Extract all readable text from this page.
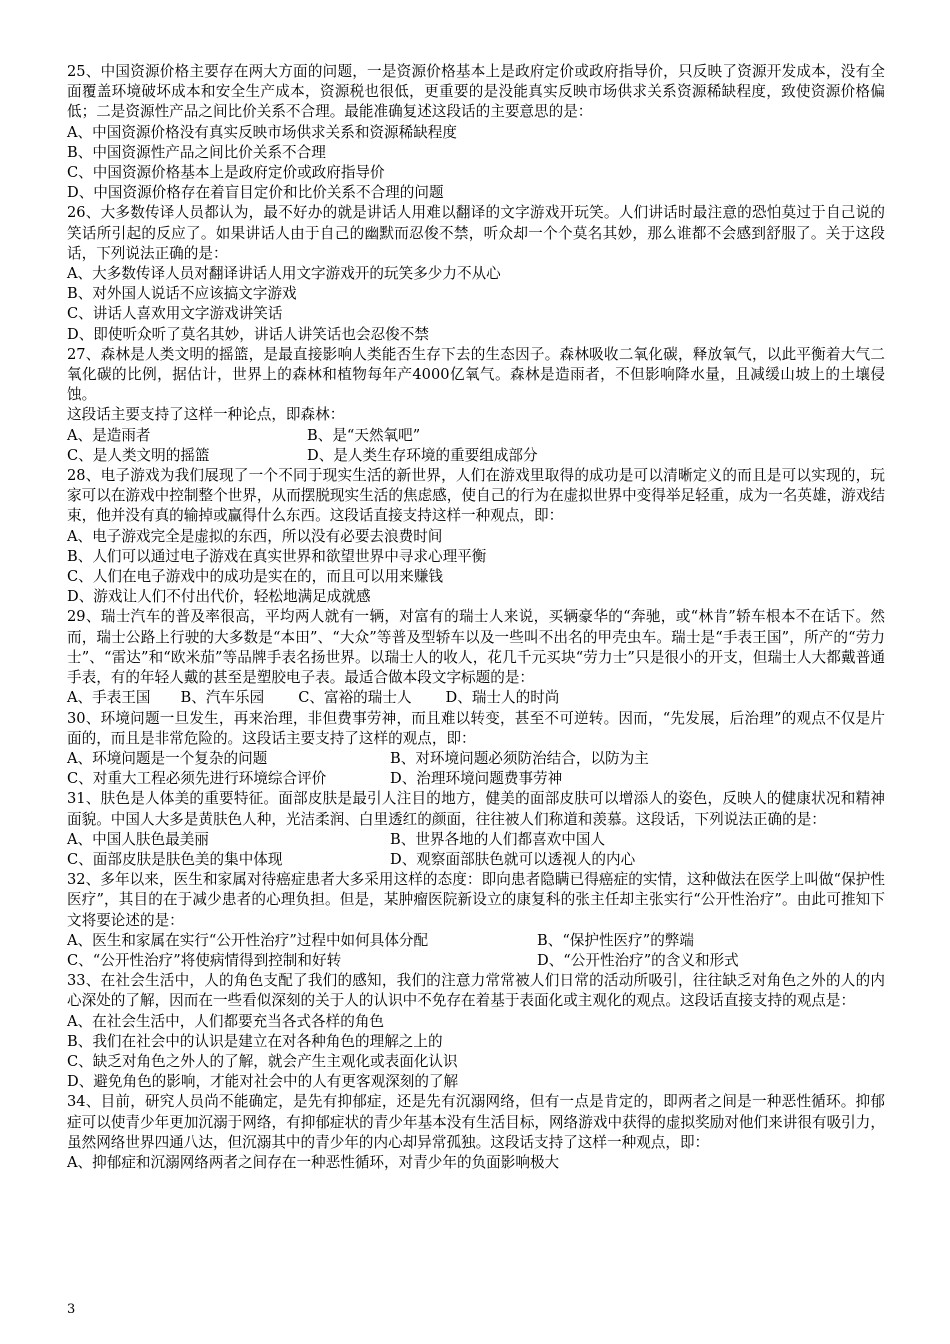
25、中国资源价格主要存在两大方面的问题，一是资源价格基本上是政府定价或政府指导价，只反映了资源开发成本，没有全面覆盖环境破坏成本和安全生产成本，资源税也很低，更重要的是没能真实反映市场供求关系资源稀缺程度，致使资源价格偏低；二是资源性产品之间比价关系不合理。最能准确复述这段话的主要意思的是：

A、中国资源价格没有真实反映市场供求关系和资源稀缺程度
B、中国资源性产品之间比价关系不合理
C、中国资源价格基本上是政府定价或政府指导价
D、中国资源价格存在着盲目定价和比价关系不合理的问题

26、大多数传译人员都认为，最不好办的就是讲话人用难以翻译的文字游戏开玩笑。人们讲话时最注意的恐怕莫过于自己说的笑话所引起的反应了。如果讲话人由于自己的幽默而忍俊不禁，听众却一个个莫名其妙，那么谁都不会感到舒服了。关于这段话，下列说法正确的是：

A、大多数传译人员对翻译讲话人用文字游戏开的玩笑多少力不从心
B、对外国人说话不应该搞文字游戏
C、讲话人喜欢用文字游戏讲笑话
D、即使听众听了莫名其妙，讲话人讲笑话也会忍俊不禁

27、森林是人类文明的摇篮，是最直接影响人类能否生存下去的生态因子。森林吸收二氧化碳，释放氧气，以此平衡着大气二氧化碳的比例，据估计，世界上的森林和植物每年产4000亿氧气。森林是造雨者，不但影响降水量，且减缓山坡上的土壤侵蚀。

这段话主要支持了这样一种论点，即森林：

A、是造雨者	B、是“天然氧吧”
C、是人类文明的摇篮	D、是人类生存环境的重要组成部分

28、电子游戏为我们展现了一个不同于现实生活的新世界，人们在游戏里取得的成功是可以清晰定义的而且是可以实现的，玩家可以在游戏中控制整个世界，从而摆脱现实生活的焦虑感，使自己的行为在虚拟世界中变得举足轻重，成为一名英雄，游戏结束，他并没有真的输掉或赢得什么东西。这段话直接支持这样一种观点，即：

A、电子游戏完全是虚拟的东西，所以没有必要去浪费时间
B、人们可以通过电子游戏在真实世界和欲望世界中寻求心理平衡
C、人们在电子游戏中的成功是实在的，而且可以用来赚钱
D、游戏让人们不付出代价，轻松地满足成就感

29、瑞士汽车的普及率很高，平均两人就有一辆，对富有的瑞士人来说，买辆豪华的“奔驰，或“林肯”轿车根本不在话下。然而，瑞士公路上行驶的大多数是“本田”、“大众”等普及型轿车以及一些叫不出名的甲壳虫车。瑞士是“手表王国”，所产的“劳力士”、“雷达”和“欧米茄”等品牌手表名扬世界。以瑞士人的收人，花几千元买块“劳力士”只是很小的开支，但瑞士人大都戴普通手表，有的年轻人戴的甚至是塑胶电子表。最适合做本段文字标题的是：

A、手表王国 B、汽车乐园 C、富裕的瑞士人 D、瑞士人的时尚

30、环境问题一旦发生，再来治理，非但费事劳神，而且难以转变，甚至不可逆转。因而，“先发展，后治理”的观点不仅是片面的，而且是非常危险的。这段话主要支持了这样的观点，即：

A、环境问题是一个复杂的问题	B、对环境问题必须防治结合，以防为主
C、对重大工程必须先进行环境综合评价	D、治理环境问题费事劳神

31、肤色是人体美的重要特征。面部皮肤是最引人注目的地方，健美的面部皮肤可以增添人的姿色，反映人的健康状况和精神面貌。中国人大多是黄肤色人种，光洁柔润、白里透红的颜面，往往被人们称道和羡慕。这段话，下列说法正确的是：

A、中国人肤色最美丽	B、世界各地的人们都喜欢中国人
C、面部皮肤是肤色美的集中体现	D、观察面部肤色就可以透视人的内心

32、多年以来，医生和家属对待癌症患者大多采用这样的态度：即向患者隐瞒已得癌症的实情，这种做法在医学上叫做“保护性医疗”，其目的在于减少患者的心理负担。但是，某肿瘤医院新设立的康复科的张主任却主张实行“公开性治疗”。由此可推知下文将要论述的是：

A、医生和家属在实行“公开性治疗”过程中如何具体分配	B、“保护性医疗”的弊端
C、“公开性治疗”将使病情得到控制和好转	D、“公开性治疗”的含义和形式

33、在社会生活中，人的角色支配了我们的感知，我们的注意力常常被人们日常的活动所吸引，往往缺乏对角色之外的人的内心深处的了解，因而在一些看似深刻的关于人的认识中不免存在着基于表面化或主观化的观点。这段话直接支持的观点是：

A、在社会生活中，人们都要充当各式各样的角色
B、我们在社会中的认识是建立在对各种角色的理解之上的
C、缺乏对角色之外人的了解，就会产生主观化或表面化认识
D、避免角色的影响，才能对社会中的人有更客观深刻的了解

34、目前，研究人员尚不能确定，是先有抑郁症，还是先有沉溺网络，但有一点是肯定的，即两者之间是一种恶性循环。抑郁症可以使青少年更加沉溺于网络，有抑郁症状的青少年基本没有生活目标，网络游戏中获得的虚拟奖励对他们来讲很有吸引力，虽然网络世界四通八达，但沉溺其中的青少年的内心却异常孤独。这段话支持了这样一种观点，即：

A、抑郁症和沉溺网络两者之间存在一种恶性循环，对青少年的负面影响极大
3
